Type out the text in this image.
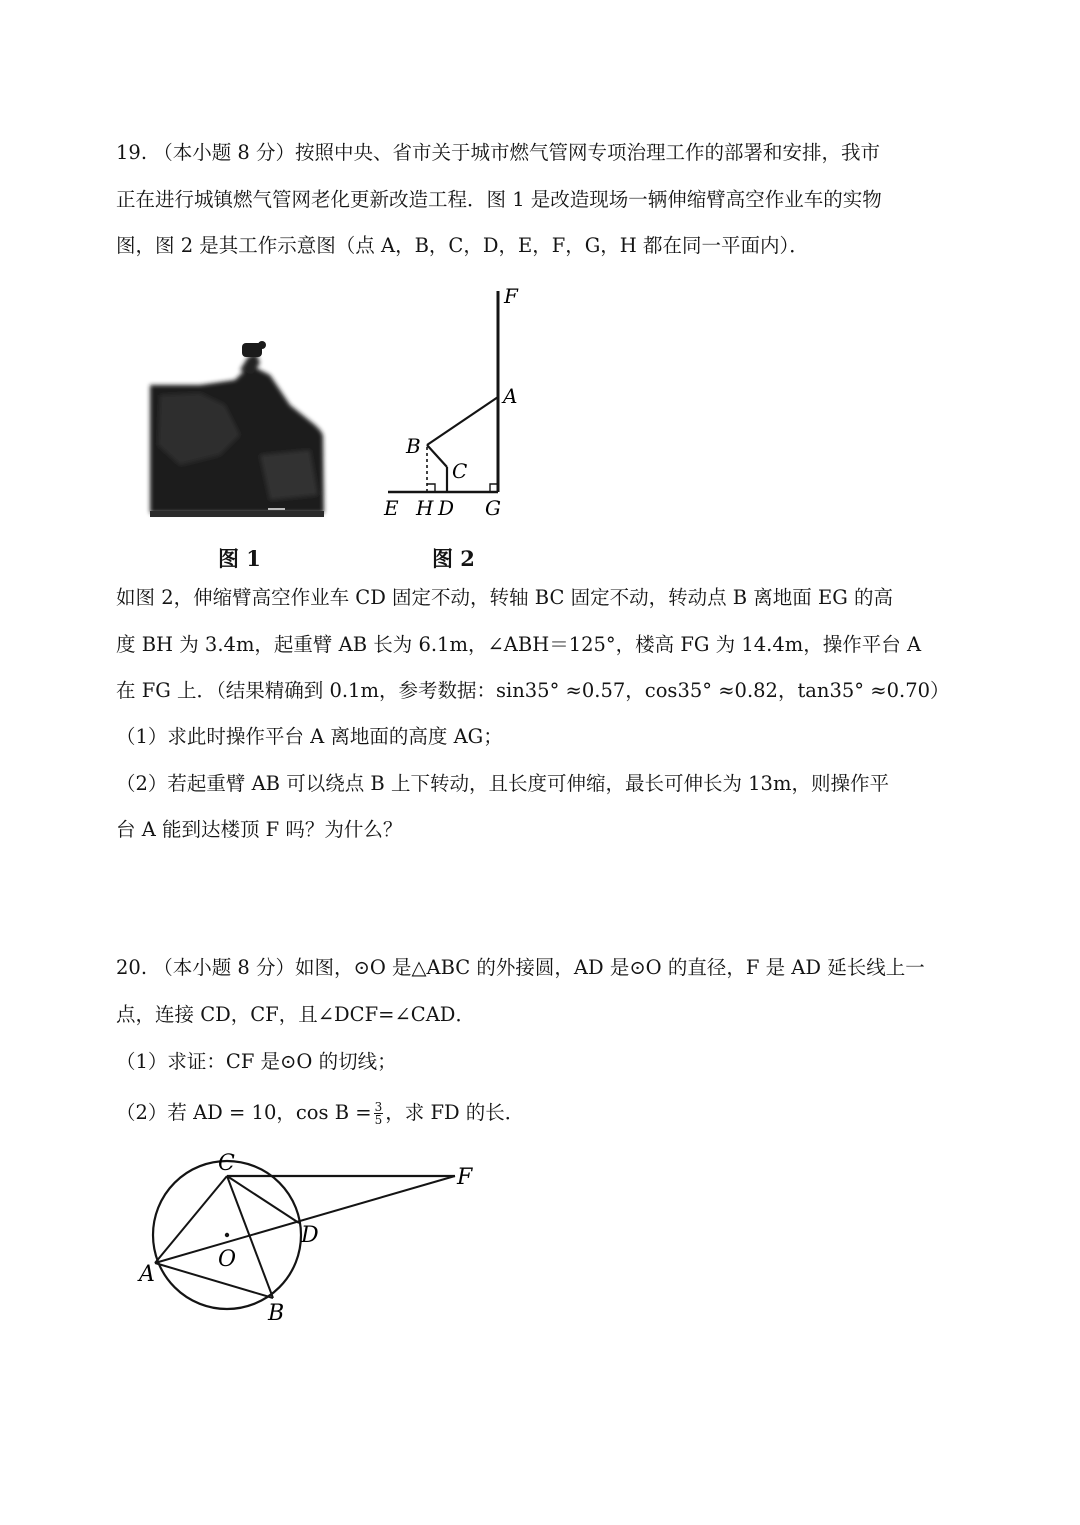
19. （本小题 8 分）按照中央、省市关于城市燃气管网专项治理工作的部署和安排，我市
正在进行城镇燃气管网老化更新改造工程．图 1 是改造现场一辆伸缩臂高空作业车的实物
图，图 2 是其工作示意图（点 A，B，C，D，E，F，G，H 都在同一平面内）．
F
A
B
C
E H D G
图 1	图 2
如图 2，伸缩臂高空作业车 CD 固定不动，转轴 BC 固定不动，转动点 B 离地面 EG 的高
度 BH 为 3.4m，起重臂 AB 长为 6.1m，∠ABH＝125°，楼高 FG 为 14.4m，操作平台 A
在 FG 上．（结果精确到 0.1m，参考数据：sin35° ≈0.57，cos35° ≈0.82，tan35° ≈0.70）
（1）求此时操作平台 A 离地面的高度 AG；
（2）若起重臂 AB 可以绕点 B 上下转动，且长度可伸缩，最长可伸长为 13m，则操作平
台 A 能到达楼顶 F 吗？为什么？
20. （本小题 8 分）如图，⊙O 是△ABC 的外接圆，AD 是⊙O 的直径，F 是 AD 延长线上一
点，连接 CD，CF，且∠DCF=∠CAD．
（1）求证：CF 是⊙O 的切线；
（2）若 AD = 10，$\cos B = \frac{3}{5}$ ，求 FD 的长．
C
F
D
O
A
B
